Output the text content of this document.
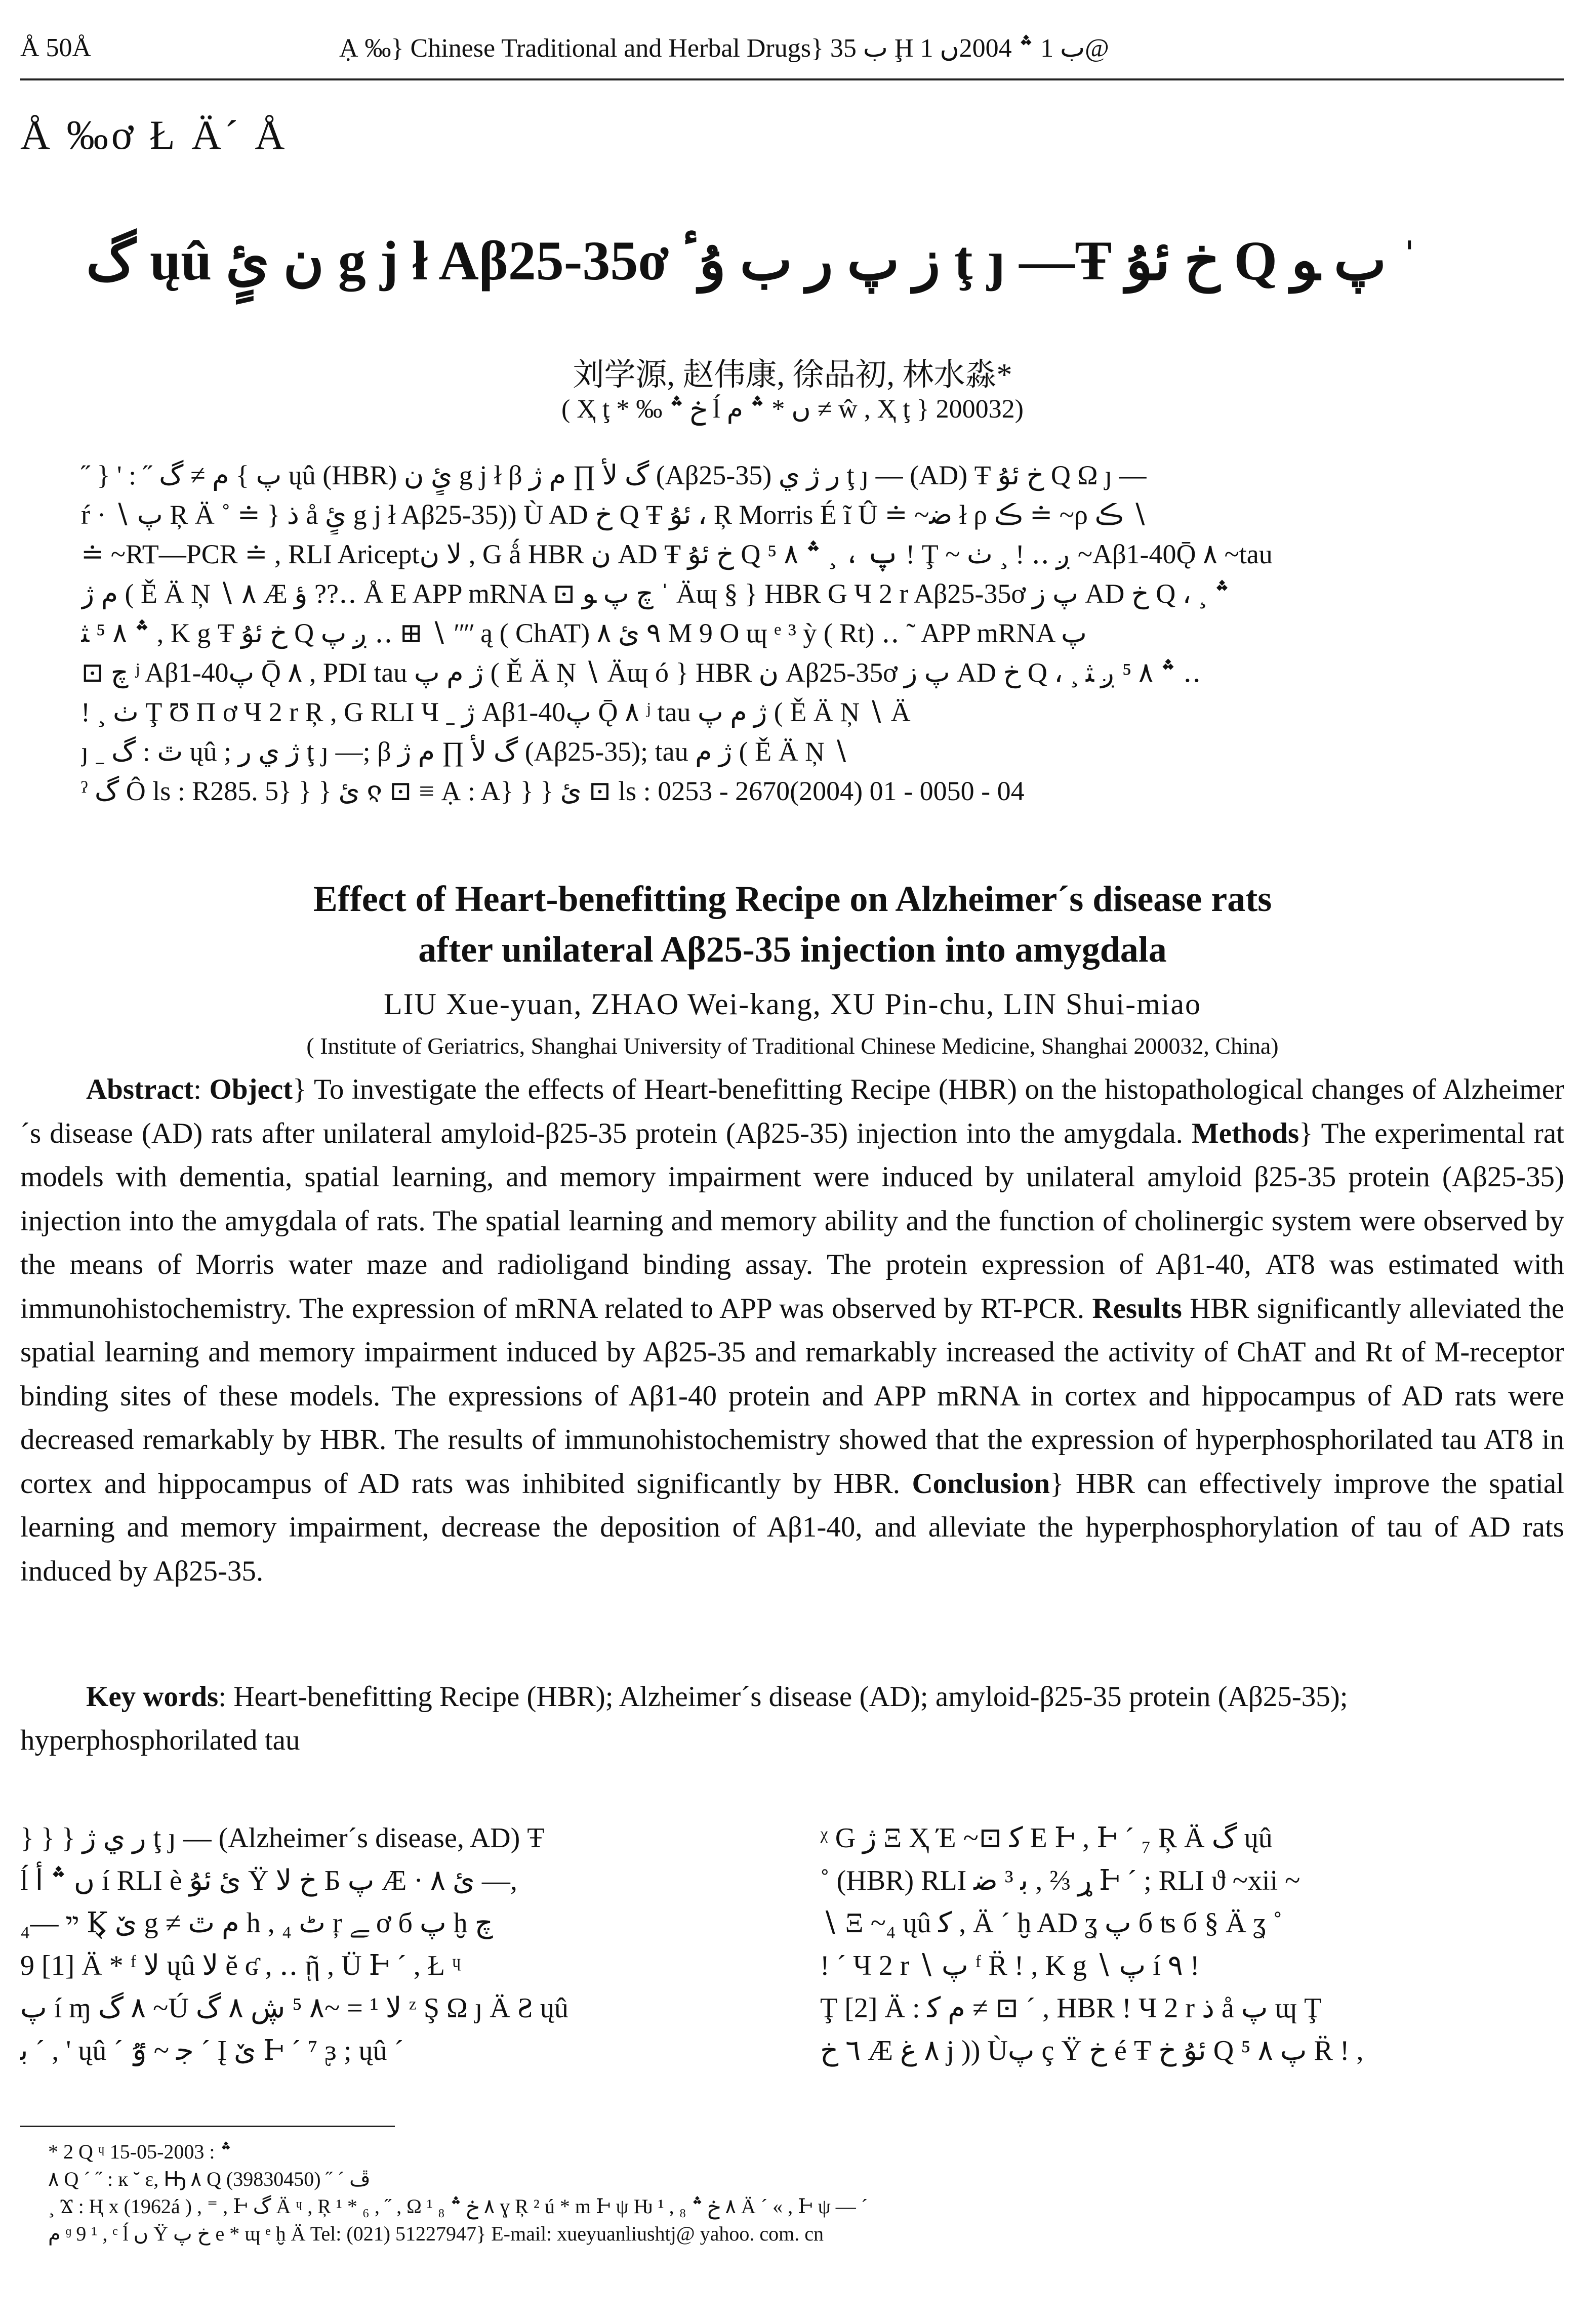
Å 50Å	Ạ ‰} Chinese Traditional and Herbal Drugs} ب 35 Ḩ ب 1 ؞ 2004ں 1@
Å ‰ơ Ł Ä´ Å
گ ųû ن ئٍ g j ł Aβ25-35ơ ز پ ر ب ۇٴ ţ ȷ —Ŧ خ ئۇ Q پ ﻮ ˈ
刘学源, 赵伟康, 徐品初, 林水淼*
( Ҳ ţ * ‰ خ ؞ ĺ ں * ؞ م ≠ ŵ , Ҳ ţ } 200032)

˝ } ' : ˝ پ } م ≠ گ ųû (HBR) ئٍ ن g j ł β گ ﻷ ∏ م ژ (Aβ25-35) ر ژ ي ţ ȷ — (AD) Ŧ خ ئۇ Q Ω ȷ —

ŕ · ∖ پ Ŗ Ä ˚ ≐ } ذ å ئٍ g j ł Aβ25-35)) Ù AD خ Q Ŧ ئۇ ، Ŗ Morris É ĩ Û ≐ ~ﺿ ł ρ ڪ ≐ ~ρ ڪ ∖

≐ ~RT—PCR ≐ , RLI Ariceptﻻ ن , G ǻ HBR ن AD Ŧ خ ئۇ Q پ ، ¸ ؞ ٨ ⁵ ! Ţ ~ ږ ‥ ! ¸ ٺ ~Aβ1-40Ǭ ٨ ~tau

م ژ ( Ě Ä Ņ ∖ ٨ Æ ؤ ??‥ Å E APP mRNA ⊡ چ پ ﻮ ˈ Äɰ § } HBR G Ч 2 r Aβ25-35ơ پ ز AD خ Q ، ¸ ؞

؞ ٨ ⁵ ﺜ , K g Ŧ خ ئۇ Q ږ پ ‥ ⊞ ∖ ʺʺ ą ( ChAT) ٩ ئ ٨ M 9 O ɰ ᵉ ³ ỳ ( Rt) ‥ ˜ APP mRNA پ

⊡ چ ʲ Aβ1-40پ Ǭ ٨ , PDI tau ژ م پ ( Ě Ä Ņ ∖ Äɰ ó } HBR ن Aβ25-35ơ پ ز AD خ Q ، ¸ ؞ ٨ ⁵ ږ ﺜ ‥

! ¸ ٺ Ţ Ʊ Π ơ Ч 2 r Ŗ , G RLI Ч ˍ ژ Aβ1-40پ Ǭ ٨ ʲ tau ژ م پ ( Ě Ä Ņ ∖ Ä

ȷ ˍ ٿ : گ ųû ; ژ ي ر ţ ȷ —; β گ ﻷ ∏ م ژ (Aβ25-35); tau ژ م ( Ě Ä Ņ ∖

ˀ گ Ô ls : R285. 5} } } ئ ჺ ⊡ ≡ Ạ : A} } } ئ ⊡ ls : 0253 - 2670(2004) 01 - 0050 - 04

Effect of Heart-benefitting Recipe on Alzheimer´s disease rats
after unilateral Aβ25-35 injection into amygdala
LIU Xue-yuan, ZHAO Wei-kang, XU Pin-chu, LIN Shui-miao
( Institute of Geriatrics, Shanghai University of Traditional Chinese Medicine, Shanghai 200032, China)

Abstract: Object} To investigate the effects of Heart-benefitting Recipe (HBR) on the histopathological changes of Alzheimer´s disease (AD) rats after unilateral amyloid-β25-35 protein (Aβ25-35) injection into the amygdala. Methods} The experimental rat models with dementia, spatial learning, and memory impairment were induced by unilateral amyloid β25-35 protein (Aβ25-35) injection into the amygdala of rats. The spatial learning and memory ability and the function of cholinergic system were observed by the means of Morris water maze and radioligand binding assay. The protein expression of Aβ1-40, AT8 was estimated with immunohistochemistry. The expression of mRNA related to APP was observed by RT-PCR. Results HBR significantly alleviated the spatial learning and memory impairment induced by Aβ25-35 and remarkably increased the activity of ChAT and Rt of M-receptor binding sites of these models. The expressions of Aβ1-40 protein and APP mRNA in cortex and hippocampus of AD rats were decreased remarkably by HBR. The results of immunohistochemistry showed that the expression of hyperphosphorilated tau AT8 in cortex and hippocampus of AD rats was inhibited significantly by HBR. Conclusion} HBR can effectively improve the spatial learning and memory impairment, decrease the deposition of Aβ1-40, and alleviate the hyperphosphorylation of tau of AD rats induced by Aβ25-35.

Key words: Heart-benefitting Recipe (HBR); Alzheimer´s disease (AD); amyloid-β25-35 protein (Aβ25-35); hyperphosphorilated tau

} } } ر ي ژ ţ ȷ — (Alzheimer´s disease, AD) Ŧ

ĺ ں ؞ أ í RLI è ئ ئۇ Ÿ خ ﻻ Б پ Æ · ئ ٨ —,

ײ —₄ Ϗ ێ g ≠ م ﭢ h , ₄ ٹ ŗ ﮯ ơ б پ ḫ چ

9 [1] Ä * ᶠ ﻻ ųû ﻻ ĕ ʛ , ‥ ῇ , Ü Ͱ ´ , Ł ᶣ

پ í ɱ ٨ گ ~Ú ﻻ ¹ = ~٨ ⁵ ڜ ٨ گ ᶻ Ş Ω ȷ Ä Ƨ ųû

ﺑ ´ , ' ųû ´ ﺟ ~ ٷ ˊ Į ێ Ͱ ´ ⁷ ᶔ ; ųû ´

ᵡ G ژ Ξ Ҳ Έ ~⊡ ﮐ Ε Ͱ , Ͱ ´ ₇ Ŗ Ä گ ųû

˚ (HBR) RLI ړ ⅔ , ﺑ ³ ﺿ Ͱ ´ ; RLI ϑ ~xii ~

∖ Ξ ~₄ ųû ﮐ , Ä ´ ḫ AD ʓ پ б ʦ б § Ä ʓ ˚

! ´ Ч 2 r ∖ پ ᶠ R̈ ! , K g ∖ پ í ٩ !

Ţ [2] Ä : م ﮐ ≠ ⊡ ´ , HBR ! Ч 2 r ذ å پ ɰ Ţ

٦ خ Æ ٨ غ j )) Ùپ ç Ÿ خ é Ŧ ئۇ خ Q پ ٨ ⁵ R̈ ! ,

* 2 Q ᶣ ؞ : 2003-05-15

٨ Q ´ ˝ : ĸ ˘ ε, Ԣ ٨ Q ڦ ´ ˝ (39830450)

¸ Ϫ : Ⱨ x (1962á ) , ⁼ , Ͱ گ Ä ᶣ , Ŗ ¹ * ₆ , ˝ , Ω ¹ ₈ ٨ خ ؞ ɣ Ŗ ² ú * m Ͱ ψ Ƕ ¹ , ₈ ٨ خ ؞ Ä ´ « , Ͱ ψ — ´

م ᶢ 9 ¹ , ᶜ ĺ ں Ÿ خ پ e * ɰ ᵉ ḫ Ä Tel: (021) 51227947} E-mail: xueyuanliushtj@ yahoo. com. cn
